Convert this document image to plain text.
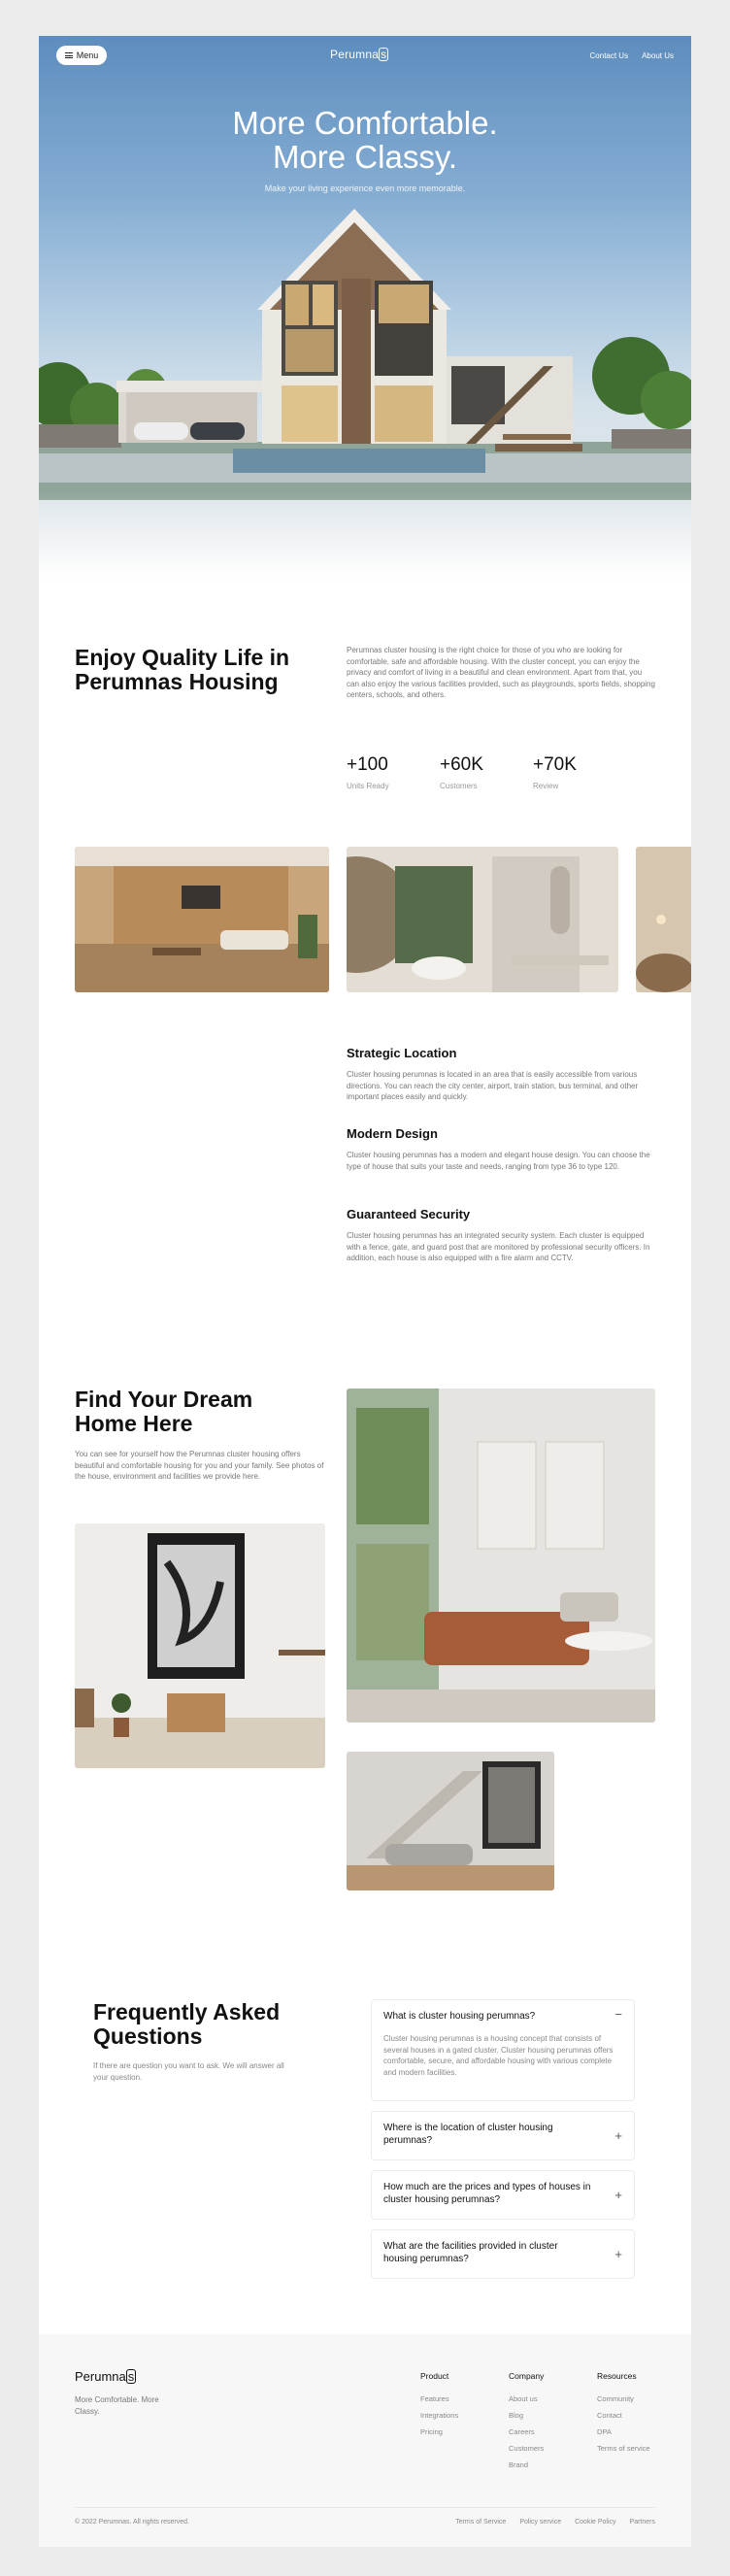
Menu	Perumna s	Contact Us About Us
More Comfortable.
More Classy.
Make your living experience even more memorable.
Enjoy Quality Life in Perumnas Housing

Perumnas cluster housing is the right choice for those of you who are looking for comfortable, safe and affordable housing. With the cluster concept, you can enjoy the privacy and comfort of living in a beautiful and clean environment. Apart from that, you can also enjoy the various facilities provided, such as playgrounds, sports fields, shopping centers, schools, and others.

+100
Units Ready
+60K
Customers
+70K
Review
Strategic Location

Cluster housing perumnas is located in an area that is easily accessible from various directions. You can reach the city center, airport, train station, bus terminal, and other important places easily and quickly.

Modern Design

Cluster housing perumnas has a modern and elegant house design. You can choose the type of house that suits your taste and needs, ranging from type 36 to type 120.

Guaranteed Security

Cluster housing perumnas has an integrated security system. Each cluster is equipped with a fence, gate, and guard post that are monitored by professional security officers. In addition, each house is also equipped with a fire alarm and CCTV.

Find Your Dream Home Here

You can see for yourself how the Perumnas cluster housing offers beautiful and comfortable housing for you and your family. See photos of the house, environment and facilities we provide here.

Frequently Asked Questions

If there are question you want to ask. We will answer all your question.

What is cluster housing perumnas?	−
Cluster housing perumnas is a housing concept that consists of several houses in a gated cluster. Cluster housing perumnas offers comfortable, secure, and affordable housing with various complete and modern facilities.
Where is the location of cluster housing perumnas?	+
How much are the prices and types of houses in cluster housing perumnas?	+
What are the facilities provided in cluster housing perumnas?	+
Perumna s
More Comfortable. More Classy.
Product
Features
Integrations
Pricing
Company
About us
Blog
Careers
Customers
Brand
Resources
Community
Contact
DPA
Terms of service
© 2022 Perumnas. All rights reserved.	Terms of Service Policy service Cookie Policy Partners
